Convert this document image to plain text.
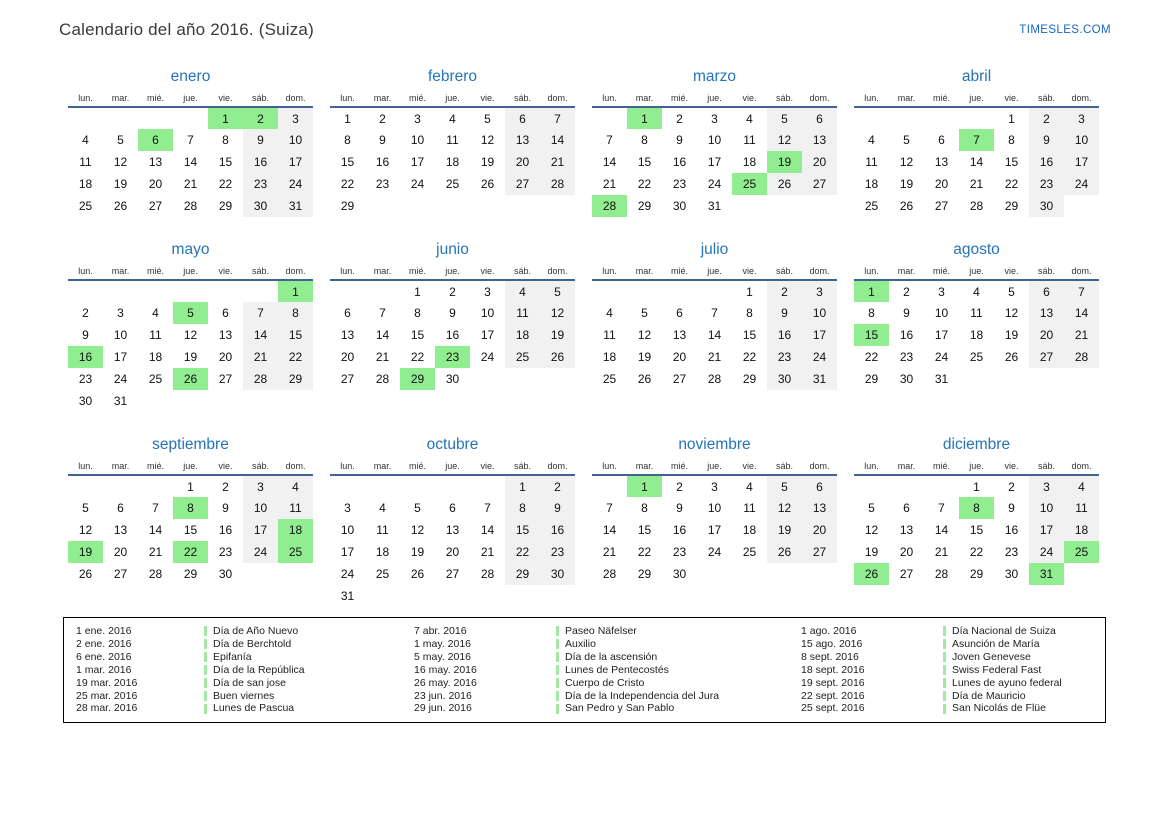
Calendario del año 2016. (Suiza)	TIMESLES.COM
enero
lun.	mar.	mié.	jue.	vie.	sáb.	dom.
				1	2	3
4	5	6	7	8	9	10
11	12	13	14	15	16	17
18	19	20	21	22	23	24
25	26	27	28	29	30	31
febrero
lun.	mar.	mié.	jue.	vie.	sáb.	dom.
1	2	3	4	5	6	7
8	9	10	11	12	13	14
15	16	17	18	19	20	21
22	23	24	25	26	27	28
29						
marzo
lun.	mar.	mié.	jue.	vie.	sáb.	dom.
	1	2	3	4	5	6
7	8	9	10	11	12	13
14	15	16	17	18	19	20
21	22	23	24	25	26	27
28	29	30	31			
abril
lun.	mar.	mié.	jue.	vie.	sáb.	dom.
				1	2	3
4	5	6	7	8	9	10
11	12	13	14	15	16	17
18	19	20	21	22	23	24
25	26	27	28	29	30	
mayo
lun.	mar.	mié.	jue.	vie.	sáb.	dom.
						1
2	3	4	5	6	7	8
9	10	11	12	13	14	15
16	17	18	19	20	21	22
23	24	25	26	27	28	29
30	31					
junio
lun.	mar.	mié.	jue.	vie.	sáb.	dom.
		1	2	3	4	5
6	7	8	9	10	11	12
13	14	15	16	17	18	19
20	21	22	23	24	25	26
27	28	29	30			
julio
lun.	mar.	mié.	jue.	vie.	sáb.	dom.
				1	2	3
4	5	6	7	8	9	10
11	12	13	14	15	16	17
18	19	20	21	22	23	24
25	26	27	28	29	30	31
agosto
lun.	mar.	mié.	jue.	vie.	sáb.	dom.
1	2	3	4	5	6	7
8	9	10	11	12	13	14
15	16	17	18	19	20	21
22	23	24	25	26	27	28
29	30	31				
septiembre
lun.	mar.	mié.	jue.	vie.	sáb.	dom.
			1	2	3	4
5	6	7	8	9	10	11
12	13	14	15	16	17	18
19	20	21	22	23	24	25
26	27	28	29	30		
octubre
lun.	mar.	mié.	jue.	vie.	sáb.	dom.
					1	2
3	4	5	6	7	8	9
10	11	12	13	14	15	16
17	18	19	20	21	22	23
24	25	26	27	28	29	30
31						
noviembre
lun.	mar.	mié.	jue.	vie.	sáb.	dom.
	1	2	3	4	5	6
7	8	9	10	11	12	13
14	15	16	17	18	19	20
21	22	23	24	25	26	27
28	29	30				
diciembre
lun.	mar.	mié.	jue.	vie.	sáb.	dom.
			1	2	3	4
5	6	7	8	9	10	11
12	13	14	15	16	17	18
19	20	21	22	23	24	25
26	27	28	29	30	31	
1 ene. 2016	Día de Año Nuevo
2 ene. 2016	Día de Berchtold
6 ene. 2016	Epifanía
1 mar. 2016	Día de la República
19 mar. 2016	Día de san jose
25 mar. 2016	Buen viernes
28 mar. 2016	Lunes de Pascua
7 abr. 2016	Paseo Näfelser
1 may. 2016	Auxilio
5 may. 2016	Día de la ascensión
16 may. 2016	Lunes de Pentecostés
26 may. 2016	Cuerpo de Cristo
23 jun. 2016	Día de la Independencia del Jura
29 jun. 2016	San Pedro y San Pablo
1 ago. 2016	Día Nacional de Suiza
15 ago. 2016	Asunción de María
8 sept. 2016	Joven Genevese
18 sept. 2016	Swiss Federal Fast
19 sept. 2016	Lunes de ayuno federal
22 sept. 2016	Día de Mauricio
25 sept. 2016	San Nicolás de Flüe
